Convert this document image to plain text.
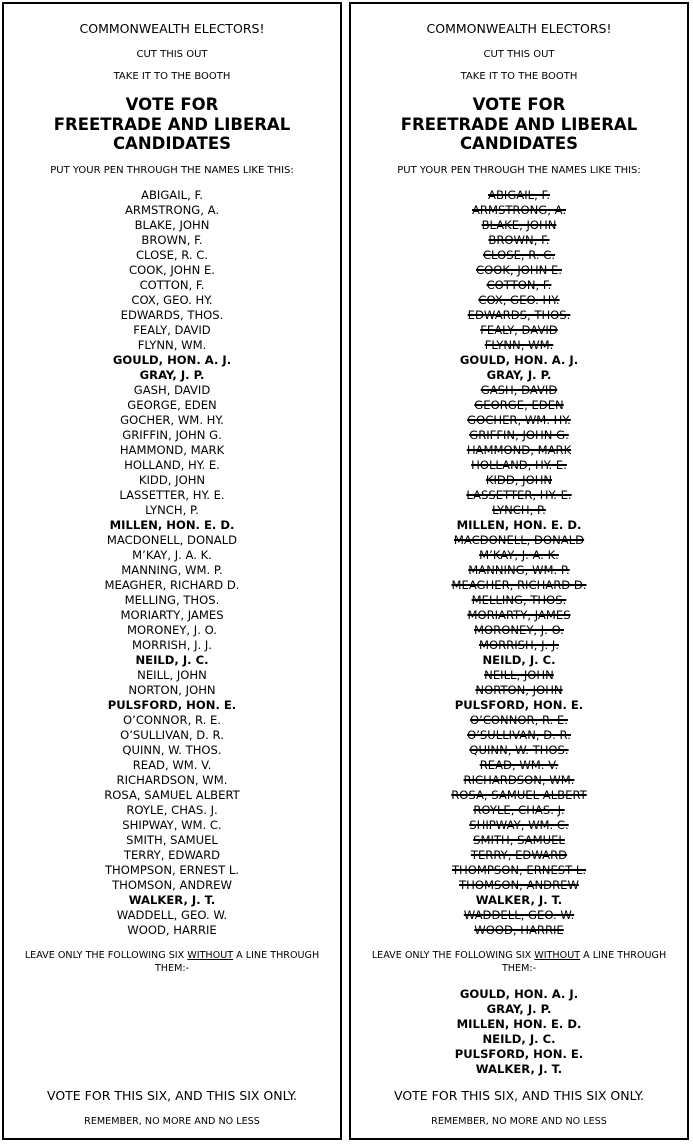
COMMONWEALTH ELECTORS!
CUT THIS OUT
TAKE IT TO THE BOOTH
VOTE FOR
FREETRADE AND LIBERAL
CANDIDATES
PUT YOUR PEN THROUGH THE NAMES LIKE THIS:
ABIGAIL, F.
ARMSTRONG, A.
BLAKE, JOHN
BROWN, F.
CLOSE, R. C.
COOK, JOHN E.
COTTON, F.
COX, GEO. HY.
EDWARDS, THOS.
FEALY, DAVID
FLYNN, WM.
GOULD, HON. A. J.
GRAY, J. P.
GASH, DAVID
GEORGE, EDEN
GOCHER, WM. HY.
GRIFFIN, JOHN G.
HAMMOND, MARK
HOLLAND, HY. E.
KIDD, JOHN
LASSETTER, HY. E.
LYNCH, P.
MILLEN, HON. E. D.
MACDONELL, DONALD
M’KAY, J. A. K.
MANNING, WM. P.
MEAGHER, RICHARD D.
MELLING, THOS.
MORIARTY, JAMES
MORONEY, J. O.
MORRISH, J. J.
NEILD, J. C.
NEILL, JOHN
NORTON, JOHN
PULSFORD, HON. E.
O’CONNOR, R. E.
O’SULLIVAN, D. R.
QUINN, W. THOS.
READ, WM. V.
RICHARDSON, WM.
ROSA, SAMUEL ALBERT
ROYLE, CHAS. J.
SHIPWAY, WM. C.
SMITH, SAMUEL
TERRY, EDWARD
THOMPSON, ERNEST L.
THOMSON, ANDREW
WALKER, J. T.
WADDELL, GEO. W.
WOOD, HARRIE
LEAVE ONLY THE FOLLOWING SIX WITHOUT A LINE THROUGH THEM:-
VOTE FOR THIS SIX, AND THIS SIX ONLY.
REMEMBER, NO MORE AND NO LESS
COMMONWEALTH ELECTORS!
CUT THIS OUT
TAKE IT TO THE BOOTH
VOTE FOR
FREETRADE AND LIBERAL
CANDIDATES
PUT YOUR PEN THROUGH THE NAMES LIKE THIS:
ABIGAIL, F.
ARMSTRONG, A.
BLAKE, JOHN
BROWN, F.
CLOSE, R. C.
COOK, JOHN E.
COTTON, F.
COX, GEO. HY.
EDWARDS, THOS.
FEALY, DAVID
FLYNN, WM.
GOULD, HON. A. J.
GRAY, J. P.
GASH, DAVID
GEORGE, EDEN
GOCHER, WM. HY.
GRIFFIN, JOHN G.
HAMMOND, MARK
HOLLAND, HY. E.
KIDD, JOHN
LASSETTER, HY. E.
LYNCH, P.
MILLEN, HON. E. D.
MACDONELL, DONALD
M’KAY, J. A. K.
MANNING, WM. P.
MEAGHER, RICHARD D.
MELLING, THOS.
MORIARTY, JAMES
MORONEY, J. O.
MORRISH, J. J.
NEILD, J. C.
NEILL, JOHN
NORTON, JOHN
PULSFORD, HON. E.
O’CONNOR, R. E.
O’SULLIVAN, D. R.
QUINN, W. THOS.
READ, WM. V.
RICHARDSON, WM.
ROSA, SAMUEL ALBERT
ROYLE, CHAS. J.
SHIPWAY, WM. C.
SMITH, SAMUEL
TERRY, EDWARD
THOMPSON, ERNEST L.
THOMSON, ANDREW
WALKER, J. T.
WADDELL, GEO. W.
WOOD, HARRIE
LEAVE ONLY THE FOLLOWING SIX WITHOUT A LINE THROUGH THEM:-
GOULD, HON. A. J.
GRAY, J. P.
MILLEN, HON. E. D.
NEILD, J. C.
PULSFORD, HON. E.
WALKER, J. T.
VOTE FOR THIS SIX, AND THIS SIX ONLY.
REMEMBER, NO MORE AND NO LESS
